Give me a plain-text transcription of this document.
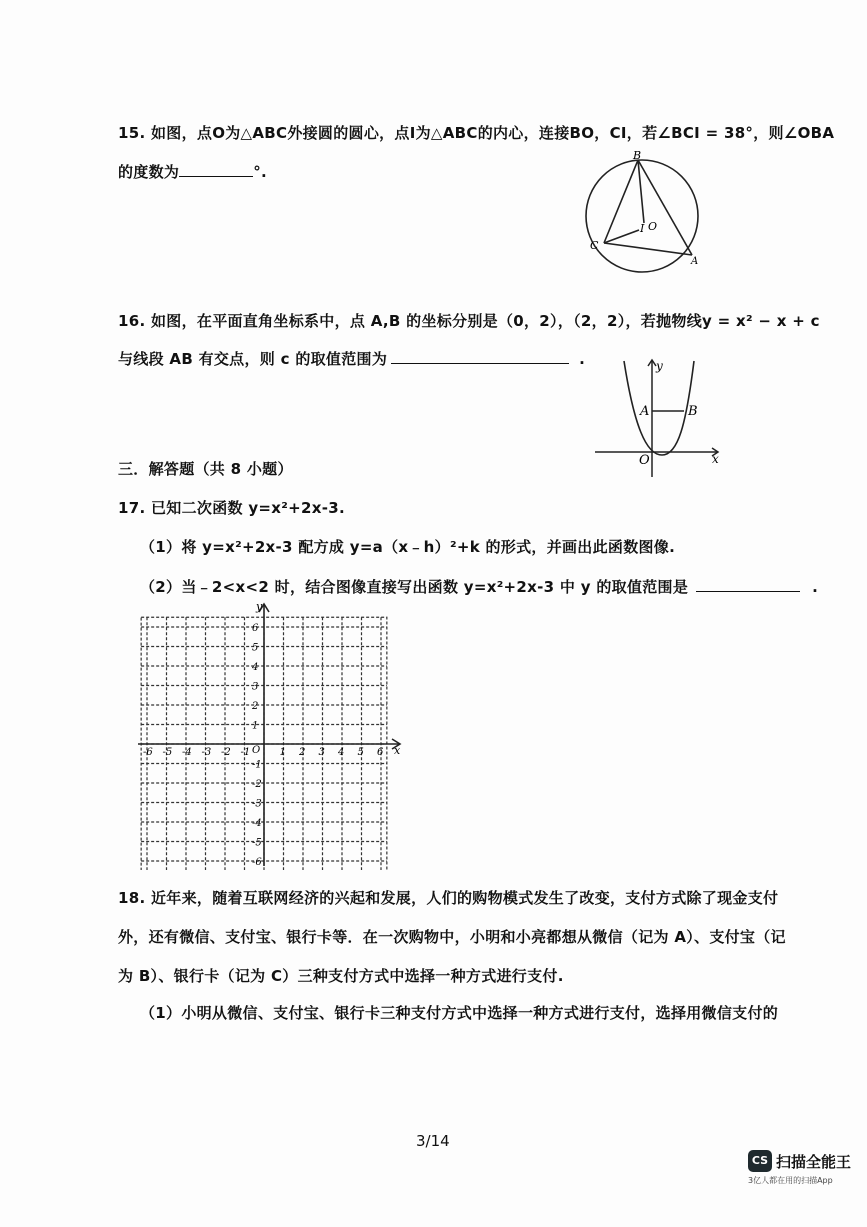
15. 如图，点O为△ABC外接圆的圆心，点I为△ABC的内心，连接BO，CI，若∠BCI = 38°，则∠OBA
的度数为	°.
B
C
A
I O
16. 如图，在平面直角坐标系中，点 A,B 的坐标分别是（0，2），（2，2），若抛物线y = x² − x + c
与线段 AB 有交点，则 c 的取值范围为	.	y
x
A	B
O
三．解答题（共 8 小题）
17. 已知二次函数 y=x²+2x-3.
（1）将 y=x²+2x-3 配方成 y=a（x﹣h）²+k 的形式，并画出此函数图像.
（2）当﹣2<x<2 时，结合图像直接写出函数 y=x²+2x-3 中 y 的取值范围是	.
-6 -5 -4 -3 -2 -1	1 2 3 4 5 6
6
5
4
3
2
1
-1
-2
-3
-4
-5
-6
O	x
y
18. 近年来，随着互联网经济的兴起和发展，人们的购物模式发生了改变，支付方式除了现金支付
外，还有微信、支付宝、银行卡等．在一次购物中，小明和小亮都想从微信（记为 A）、支付宝（记
为 B）、银行卡（记为 C）三种支付方式中选择一种方式进行支付.
（1）小明从微信、支付宝、银行卡三种支付方式中选择一种方式进行支付，选择用微信支付的
3/14
CS 扫描全能王
3亿人都在用的扫描App
